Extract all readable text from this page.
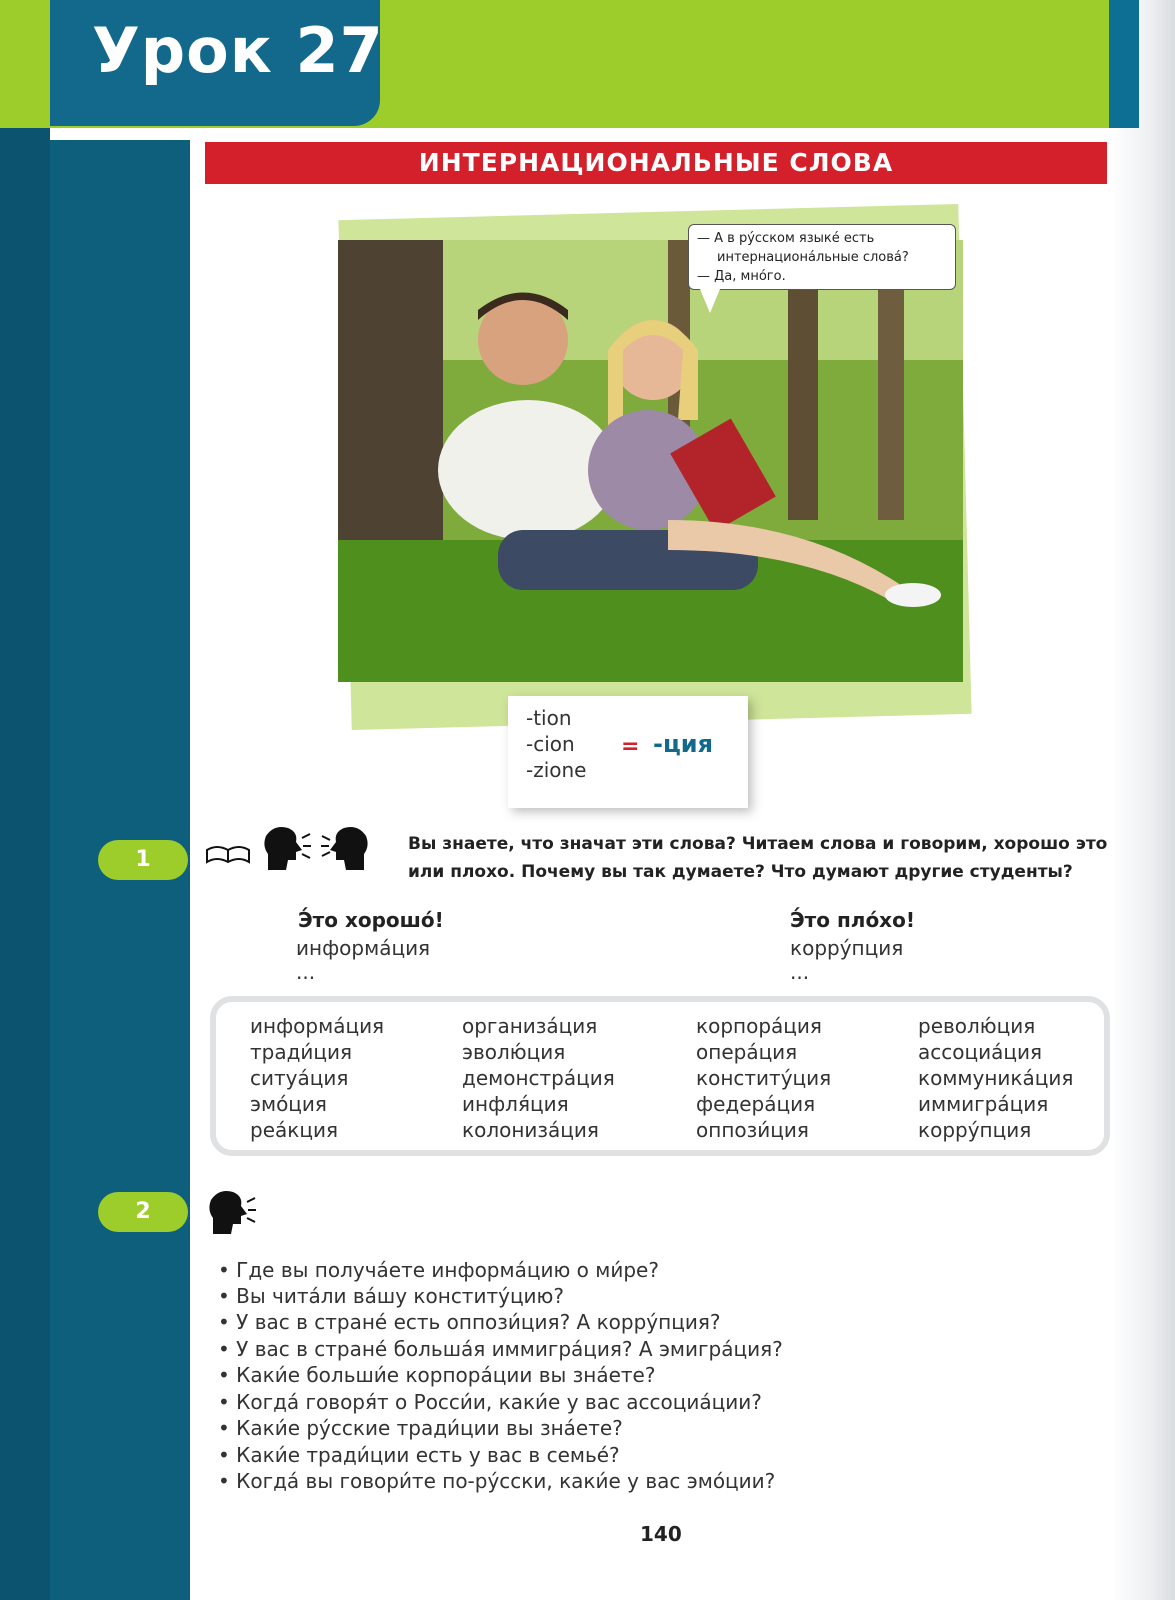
Урок 27
ИНТЕРНАЦИОНАЛЬНЫЕ СЛОВА
— А в ру́сском языке́ есть
интернациона́льные слова́?
— Да, мно́го.
-tion
-cion
-zione
= -ция
1
Вы знаете, что значат эти слова? Читаем слова и говорим, хорошо это
или плохо. Почему вы так думаете? Что думают другие студенты?
Э́то хорошо́!
информа́ция
...
Э́то пло́хо!
корру́пция
...
информа́ция
тради́ция
ситуа́ция
эмо́ция
реа́кция
организа́ция
эволю́ция
демонстра́ция
инфля́ция
колониза́ция
корпора́ция
опера́ция
конститу́ция
федера́ция
оппози́ция
револю́ция
ассоциа́ция
коммуника́ция
иммигра́ция
корру́пция
2
• Где вы получа́ете информа́цию о ми́ре?
• Вы чита́ли ва́шу конститу́цию?
• У вас в стране́ есть оппози́ция? А корру́пция?
• У вас в стране́ больша́я иммигра́ция? А эмигра́ция?
• Каки́е больши́е корпора́ции вы зна́ете?
• Когда́ говоря́т о Росси́и, каки́е у вас ассоциа́ции?
• Каки́е ру́сские тради́ции вы зна́ете?
• Каки́е тради́ции есть у вас в семье́?
• Когда́ вы говори́те по-ру́сски, каки́е у вас эмо́ции?
140
